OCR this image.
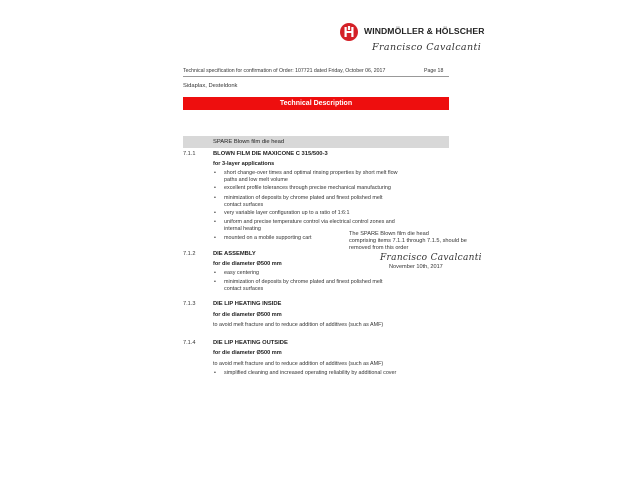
WINDMÖLLER & HÖLSCHER
Francisco Cavalcanti
Technical specification for confirmation of Order: 107721 dated Friday, October 06, 2017	Page 18
Sidaplax, Desteldonk
Technical Description
SPARE Blown film die head
7.1.1	BLOWN FILM DIE MAXICONE C 315/500-3
for 3-layer applications
• short change-over times and optimal rinsing properties by short melt flow
paths and low melt volume
• excellent profile tolerances through precise mechanical manufacturing
• minimization of deposits by chrome plated and finest polished melt
contact surfaces
• very variable layer configuration up to a ratio of 1:6:1
• uniform and precise temperature control via electrical control zones and
internal heating
• mounted on a mobile supporting cart
7.1.2	DIE ASSEMBLY
for die diameter Ø500 mm
• easy centering
• minimization of deposits by chrome plated and finest polished melt
contact surfaces
7.1.3	DIE LIP HEATING INSIDE
for die diameter Ø500 mm
to avoid melt fracture and to reduce addition of additives (such as AMF)
7.1.4	DIE LIP HEATING OUTSIDE
for die diameter Ø500 mm
to avoid melt fracture and to reduce addition of additives (such as AMF)
• simplified cleaning and increased operating reliability by additional cover
The SPARE Blown film die head
comprising items 7.1.1 through 7.1.5, should be
removed from this order
Francisco Cavalcanti
November 10th, 2017
